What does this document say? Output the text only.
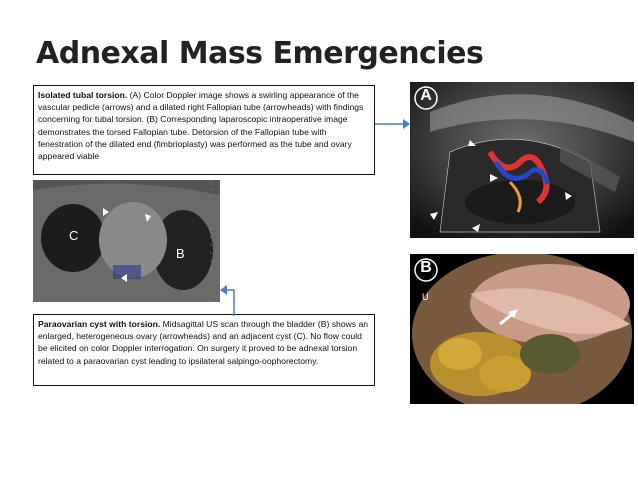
Adnexal Mass Emergencies
Isolated tubal torsion. (A) Color Doppler image shows a swirling appearance of the vascular pedicle (arrows) and a dilated right Fallopian tube (arrowheads) with findings concerning for tubal torsion. (B) Corresponding laparoscopic intraoperative image demonstrates the torsed Fallopian tube. Detorsion of the Fallopian tube with fenestration of the dilated end (fimbrioplasty) was performed as the tube and ovary appeared viable
Paraovarian cyst with torsion. Midsagittal US scan through the bladder (B) shows an enlarged, heterogeneous ovary (arrowheads) and an adjacent cyst (C). No flow could be elicited on color Doppler interrogation. On surgery it proved to be adnexal torsion related to a paraovarian cyst leading to ipsilateral salpingo-oophorectomy.
A
B
U
C
B
